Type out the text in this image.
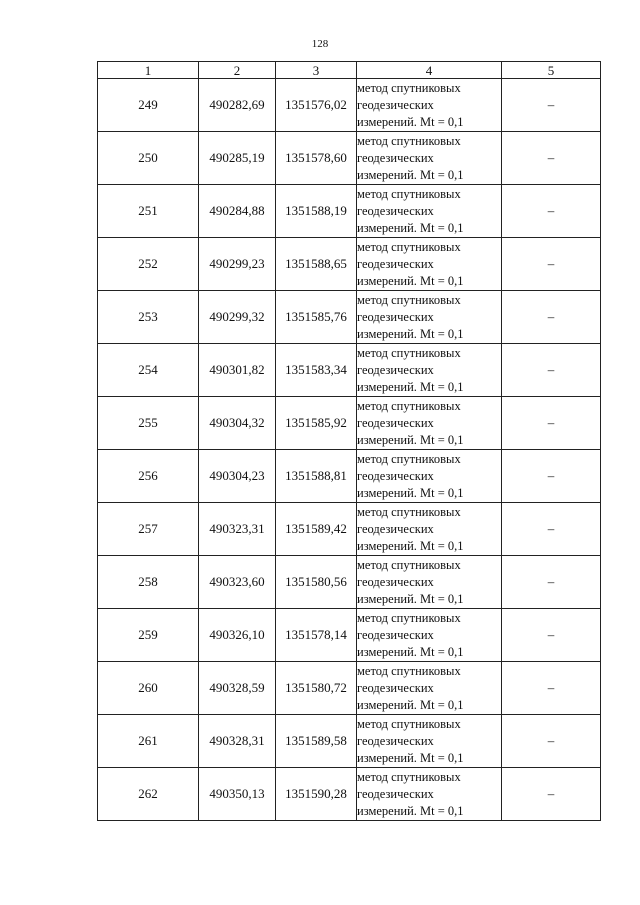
128
1	2	3	4	5
249	490282,69	1351576,02	метод спутниковых
геодезических
измерений. Mt = 0,1	–
250	490285,19	1351578,60	метод спутниковых
геодезических
измерений. Mt = 0,1	–
251	490284,88	1351588,19	метод спутниковых
геодезических
измерений. Mt = 0,1	–
252	490299,23	1351588,65	метод спутниковых
геодезических
измерений. Mt = 0,1	–
253	490299,32	1351585,76	метод спутниковых
геодезических
измерений. Mt = 0,1	–
254	490301,82	1351583,34	метод спутниковых
геодезических
измерений. Mt = 0,1	–
255	490304,32	1351585,92	метод спутниковых
геодезических
измерений. Mt = 0,1	–
256	490304,23	1351588,81	метод спутниковых
геодезических
измерений. Mt = 0,1	–
257	490323,31	1351589,42	метод спутниковых
геодезических
измерений. Mt = 0,1	–
258	490323,60	1351580,56	метод спутниковых
геодезических
измерений. Mt = 0,1	–
259	490326,10	1351578,14	метод спутниковых
геодезических
измерений. Mt = 0,1	–
260	490328,59	1351580,72	метод спутниковых
геодезических
измерений. Mt = 0,1	–
261	490328,31	1351589,58	метод спутниковых
геодезических
измерений. Mt = 0,1	–
262	490350,13	1351590,28	метод спутниковых
геодезических
измерений. Mt = 0,1	–
